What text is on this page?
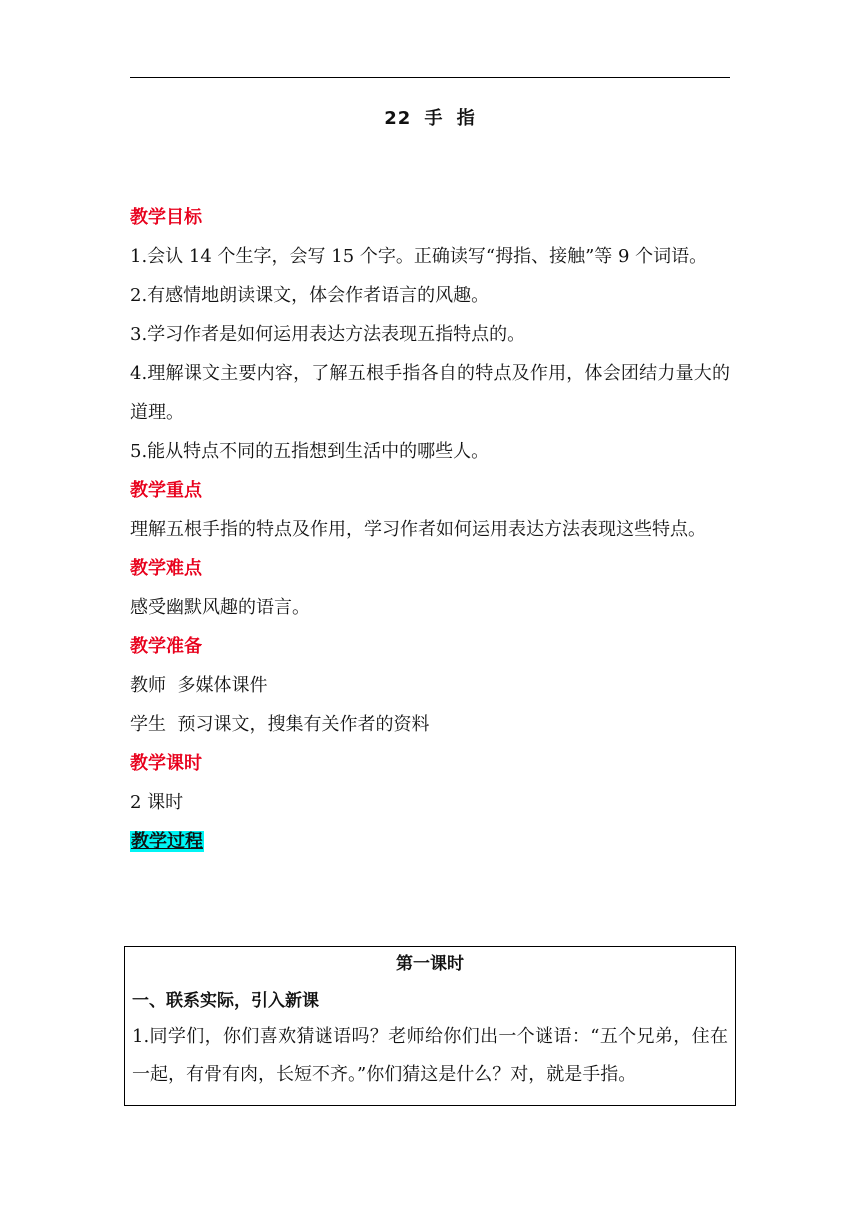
22 手 指

教学目标

1.会认 14 个生字，会写 15 个字。正确读写“拇指、接触”等 9 个词语。

2.有感情地朗读课文，体会作者语言的风趣。

3.学习作者是如何运用表达方法表现五指特点的。

4.理解课文主要内容，了解五根手指各自的特点及作用，体会团结力量大的道理。

5.能从特点不同的五指想到生活中的哪些人。

教学重点

理解五根手指的特点及作用，学习作者如何运用表达方法表现这些特点。

教学难点

感受幽默风趣的语言。

教学准备

教师  多媒体课件

学生  预习课文，搜集有关作者的资料

教学课时

2 课时

教学过程

第一课时
一、联系实际，引入新课
1.同学们，你们喜欢猜谜语吗？老师给你们出一个谜语：“五个兄弟，住在一起，有骨有肉，长短不齐。”你们猜这是什么？对，就是手指。
